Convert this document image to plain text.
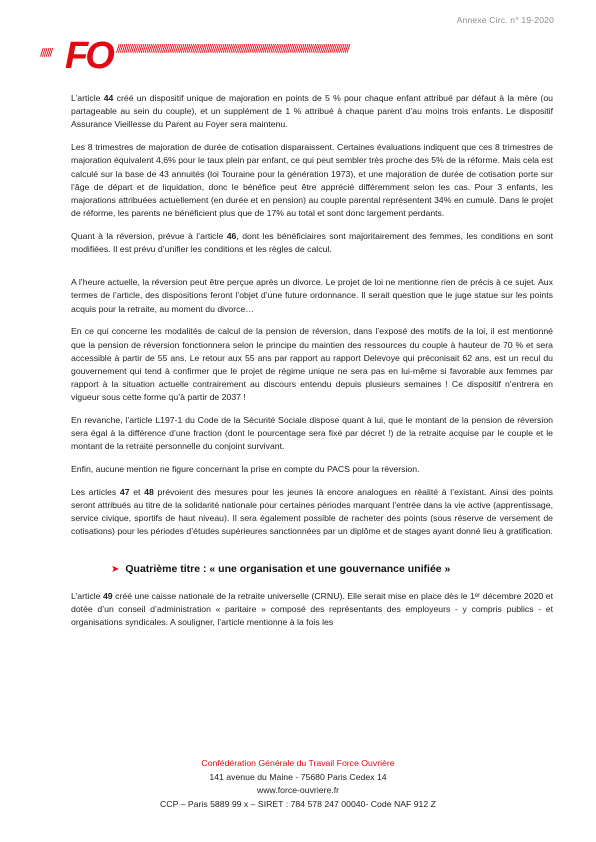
Annexe Circ. n° 19-2020
////// FO //////////////////////////////////////////////////////////////////////////////////////////////////////////////////////////

L’article 44 créé un dispositif unique de majoration en points de 5 % pour chaque enfant attribué par défaut à la mère (ou partageable au sein du couple), et un supplément de 1 % attribué à chaque parent d’au moins trois enfants. Le dispositif Assurance Vieillesse du Parent au Foyer sera maintenu.

Les 8 trimestres de majoration de durée de cotisation disparaissent. Certaines évaluations indiquent que ces 8 trimestres de majoration équivalent 4,6% pour le taux plein par enfant, ce qui peut sembler très proche des 5% de la réforme. Mais cela est calculé sur la base de 43 annuités (loi Touraine pour la génération 1973), et une majoration de durée de cotisation porte sur l’âge de départ et de liquidation, donc le bénéfice peut être apprécié différemment selon les cas. Pour 3 enfants, les majorations attribuées actuellement (en durée et en pension) au couple parental représentent 34% en cumulé. Dans le projet de réforme, les parents ne bénéficient plus que de 17% au total et sont donc largement perdants.

Quant à la réversion, prévue à l’article 46, dont les bénéficiaires sont majoritairement des femmes, les conditions en sont modifiées. Il est prévu d’unifier les conditions et les règles de calcul.

A l’heure actuelle, la réversion peut être perçue après un divorce. Le projet de loi ne mentionne rien de précis à ce sujet. Aux termes de l’article, des dispositions feront l’objet d’une future ordonnance. Il serait question que le juge statue sur les points acquis pour la retraite, au moment du divorce…

En ce qui concerne les modalités de calcul de la pension de réversion, dans l’exposé des motifs de la loi, il est mentionné que la pension de réversion fonctionnera selon le principe du maintien des ressources du couple à hauteur de 70 % et sera accessible à partir de 55 ans. Le retour aux 55 ans par rapport au rapport Delevoye qui préconisait 62 ans, est un recul du gouvernement qui tend à confirmer que le projet de régime unique ne sera pas en lui-même si favorable aux femmes par rapport à la situation actuelle contrairement au discours entendu depuis plusieurs semaines ! Ce dispositif n’entrera en vigueur sous cette forme qu’à partir de 2037 !

En revanche, l’article L197-1 du Code de la Sécurité Sociale dispose quant à lui, que le montant de la pension de réversion sera égal à la différence d’une fraction (dont le pourcentage sera fixé par décret !) de la retraite acquise par le couple et le montant de la retraite personnelle du conjoint survivant.

Enfin, aucune mention ne figure concernant la prise en compte du PACS pour la réversion.

Les articles 47 et 48 prévoient des mesures pour les jeunes là encore analogues en réalité à l’existant. Ainsi des points seront attribués au titre de la solidarité nationale pour certaines périodes marquant l’entrée dans la vie active (apprentissage, service civique, sportifs de haut niveau). Il sera également possible de racheter des points (sous réserve de versement de cotisations) pour les périodes d’études supérieures sanctionnées par un diplôme et de stages ayant donné lieu à gratification.

➤ Quatrième titre : « une organisation et une gouvernance unifiée »

L’article 49 créé une caisse nationale de la retraite universelle (CRNU). Elle serait mise en place dès le 1ᵉʳ décembre 2020 et dotée d’un conseil d’administration « paritaire » composé des représentants des employeurs - y compris publics - et organisations syndicales. A souligner, l’article mentionne à la fois les

Confédération Générale du Travail Force Ouvrière
141 avenue du Maine - 75680 Paris Cedex 14
www.force-ouvriere.fr
CCP – Paris 5889 99 x – SIRET : 784 578 247 00040- Code NAF 912 Z
